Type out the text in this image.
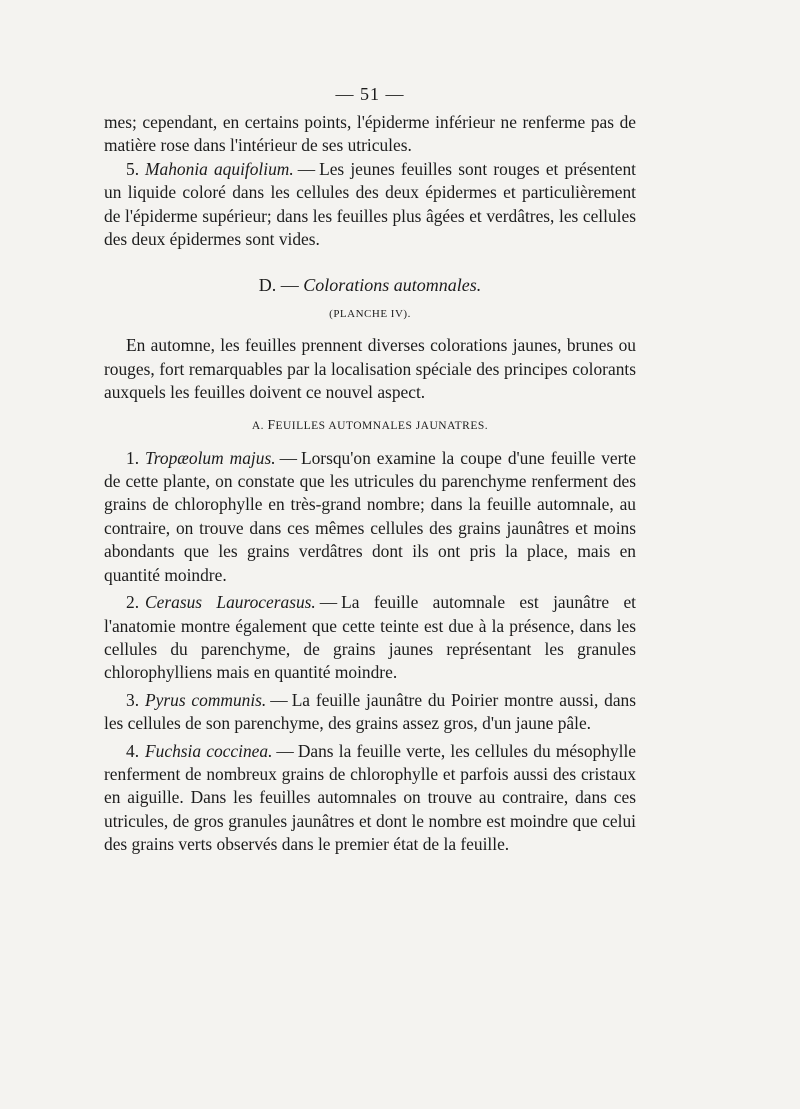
— 51 —

mes; cependant, en certains points, l'épiderme inférieur ne renferme pas de matière rose dans l'intérieur de ses utricules.

5. Mahonia aquifolium. — Les jeunes feuilles sont rouges et présentent un liquide coloré dans les cellules des deux épidermes et particulièrement de l'épiderme supérieur; dans les feuilles plus âgées et verdâtres, les cellules des deux épidermes sont vides.

D. — Colorations automnales.
(PLANCHE IV).

En automne, les feuilles prennent diverses colorations jaunes, brunes ou rouges, fort remarquables par la localisation spéciale des principes colorants auxquels les feuilles doivent ce nouvel aspect.

A. FEUILLES AUTOMNALES JAUNATRES.

1. Tropæolum majus. — Lorsqu'on examine la coupe d'une feuille verte de cette plante, on constate que les utricules du parenchyme renferment des grains de chlorophylle en très-grand nombre; dans la feuille automnale, au contraire, on trouve dans ces mêmes cellules des grains jaunâtres et moins abondants que les grains verdâtres dont ils ont pris la place, mais en quantité moindre.

2. Cerasus Laurocerasus. — La feuille automnale est jaunâtre et l'anatomie montre également que cette teinte est due à la présence, dans les cellules du parenchyme, de grains jaunes représentant les granules chlorophylliens mais en quantité moindre.

3. Pyrus communis. — La feuille jaunâtre du Poirier montre aussi, dans les cellules de son parenchyme, des grains assez gros, d'un jaune pâle.

4. Fuchsia coccinea. — Dans la feuille verte, les cellules du mésophylle renferment de nombreux grains de chlorophylle et parfois aussi des cristaux en aiguille. Dans les feuilles automnales on trouve au contraire, dans ces utricules, de gros granules jaunâtres et dont le nombre est moindre que celui des grains verts observés dans le premier état de la feuille.
